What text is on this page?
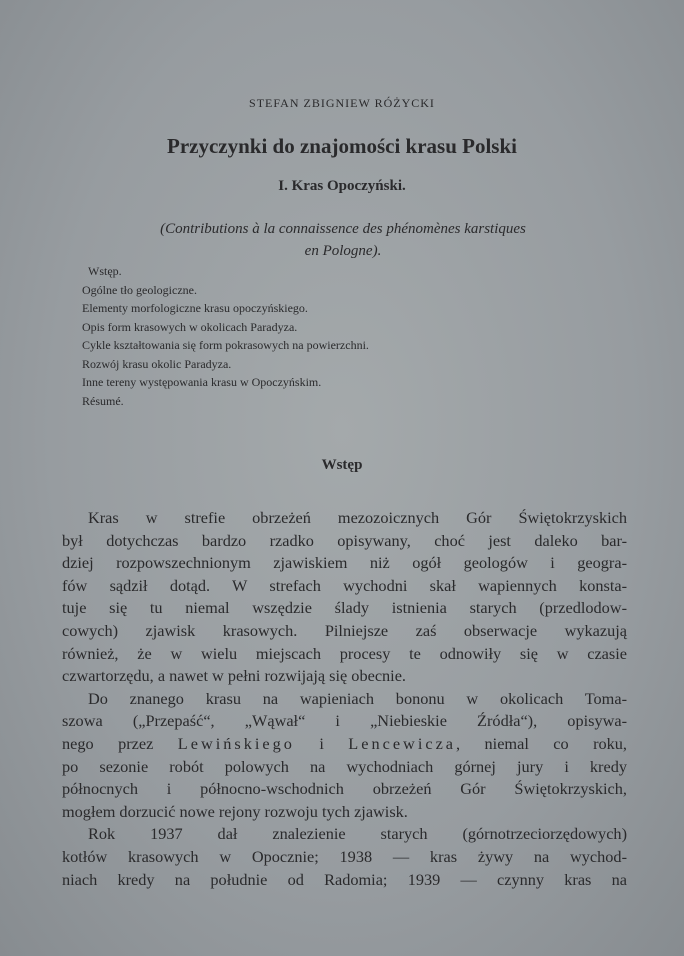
STEFAN ZBIGNIEW RÓŻYCKI
Przyczynki do znajomości krasu Polski
I. Kras Opoczyński.
(Contributions à la connaissence des phénomènes karstiques
en Pologne).
Wstęp.
Ogólne tło geologiczne.
Elementy morfologiczne krasu opoczyńskiego.
Opis form krasowych w okolicach Paradyza.
Cykle kształtowania się form pokrasowych na powierzchni.
Rozwój krasu okolic Paradyza.
Inne tereny występowania krasu w Opoczyńskim.
Résumé.
Wstęp
Kras w strefie obrzeżeń mezozoicznych Gór Świętokrzyskich
był dotychczas bardzo rzadko opisywany, choć jest daleko bar-
dziej rozpowszechnionym zjawiskiem niż ogół geologów i geogra-
fów sądził dotąd. W strefach wychodni skał wapiennych konsta-
tuje się tu niemal wszędzie ślady istnienia starych (przedlodow-
cowych) zjawisk krasowych. Pilniejsze zaś obserwacje wykazują
również, że w wielu miejscach procesy te odnowiły się w czasie
czwartorzędu, a nawet w pełni rozwijają się obecnie.
Do znanego krasu na wapieniach bononu w okolicach Toma-
szowa („Przepaść“, „Wąwał“ i „Niebieskie Źródła“), opisywa-
nego przez Lewińskiego i Lencewicza, niemal co roku,
po sezonie robót polowych na wychodniach górnej jury i kredy
północnych i północno-wschodnich obrzeżeń Gór Świętokrzyskich,
mogłem dorzucić nowe rejony rozwoju tych zjawisk.
Rok 1937 dał znalezienie starych (górnotrzeciorzędowych)
kotłów krasowych w Opocznie; 1938 — kras żywy na wychod-
niach kredy na południe od Radomia; 1939 — czynny kras na
